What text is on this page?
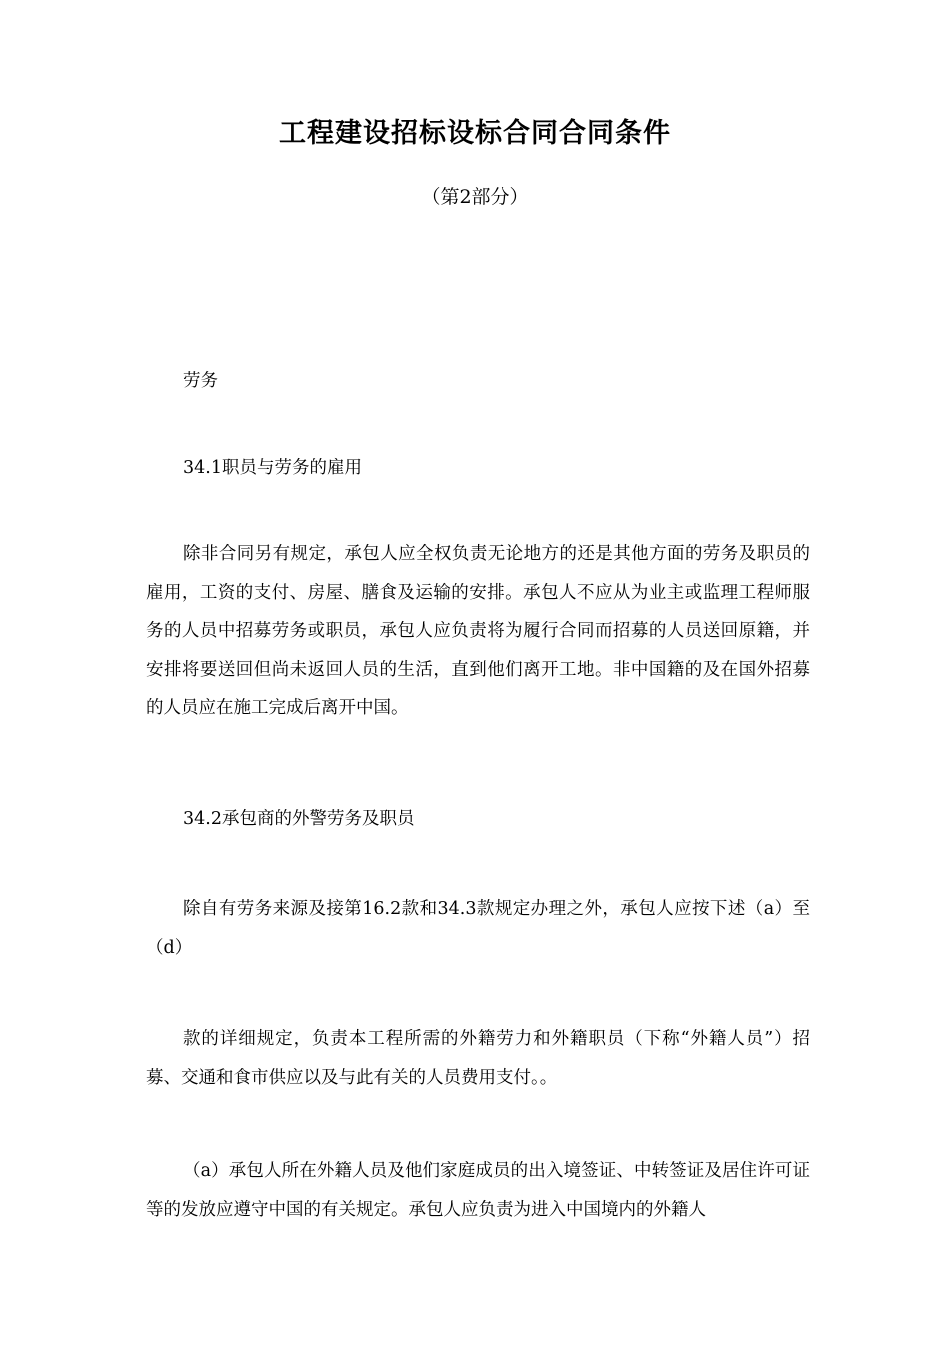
工程建设招标设标合同合同条件
（第2部分）
劳务
34.1职员与劳务的雇用
除非合同另有规定，承包人应全权负责无论地方的还是其他方面的劳务及职员的雇用，工资的支付、房屋、膳食及运输的安排。承包人不应从为业主或监理工程师服务的人员中招募劳务或职员，承包人应负责将为履行合同而招募的人员送回原籍，并安排将要送回但尚未返回人员的生活，直到他们离开工地。非中国籍的及在国外招募的人员应在施工完成后离开中国。
34.2承包商的外警劳务及职员
除自有劳务来源及接第16.2款和34.3款规定办理之外，承包人应按下述（a）至（d）
款的详细规定，负责本工程所需的外籍劳力和外籍职员（下称“外籍人员”）招募、交通和食市供应以及与此有关的人员费用支付。。
（a）承包人所在外籍人员及他们家庭成员的出入境签证、中转签证及居住许可证等的发放应遵守中国的有关规定。承包人应负责为进入中国境内的外籍人
